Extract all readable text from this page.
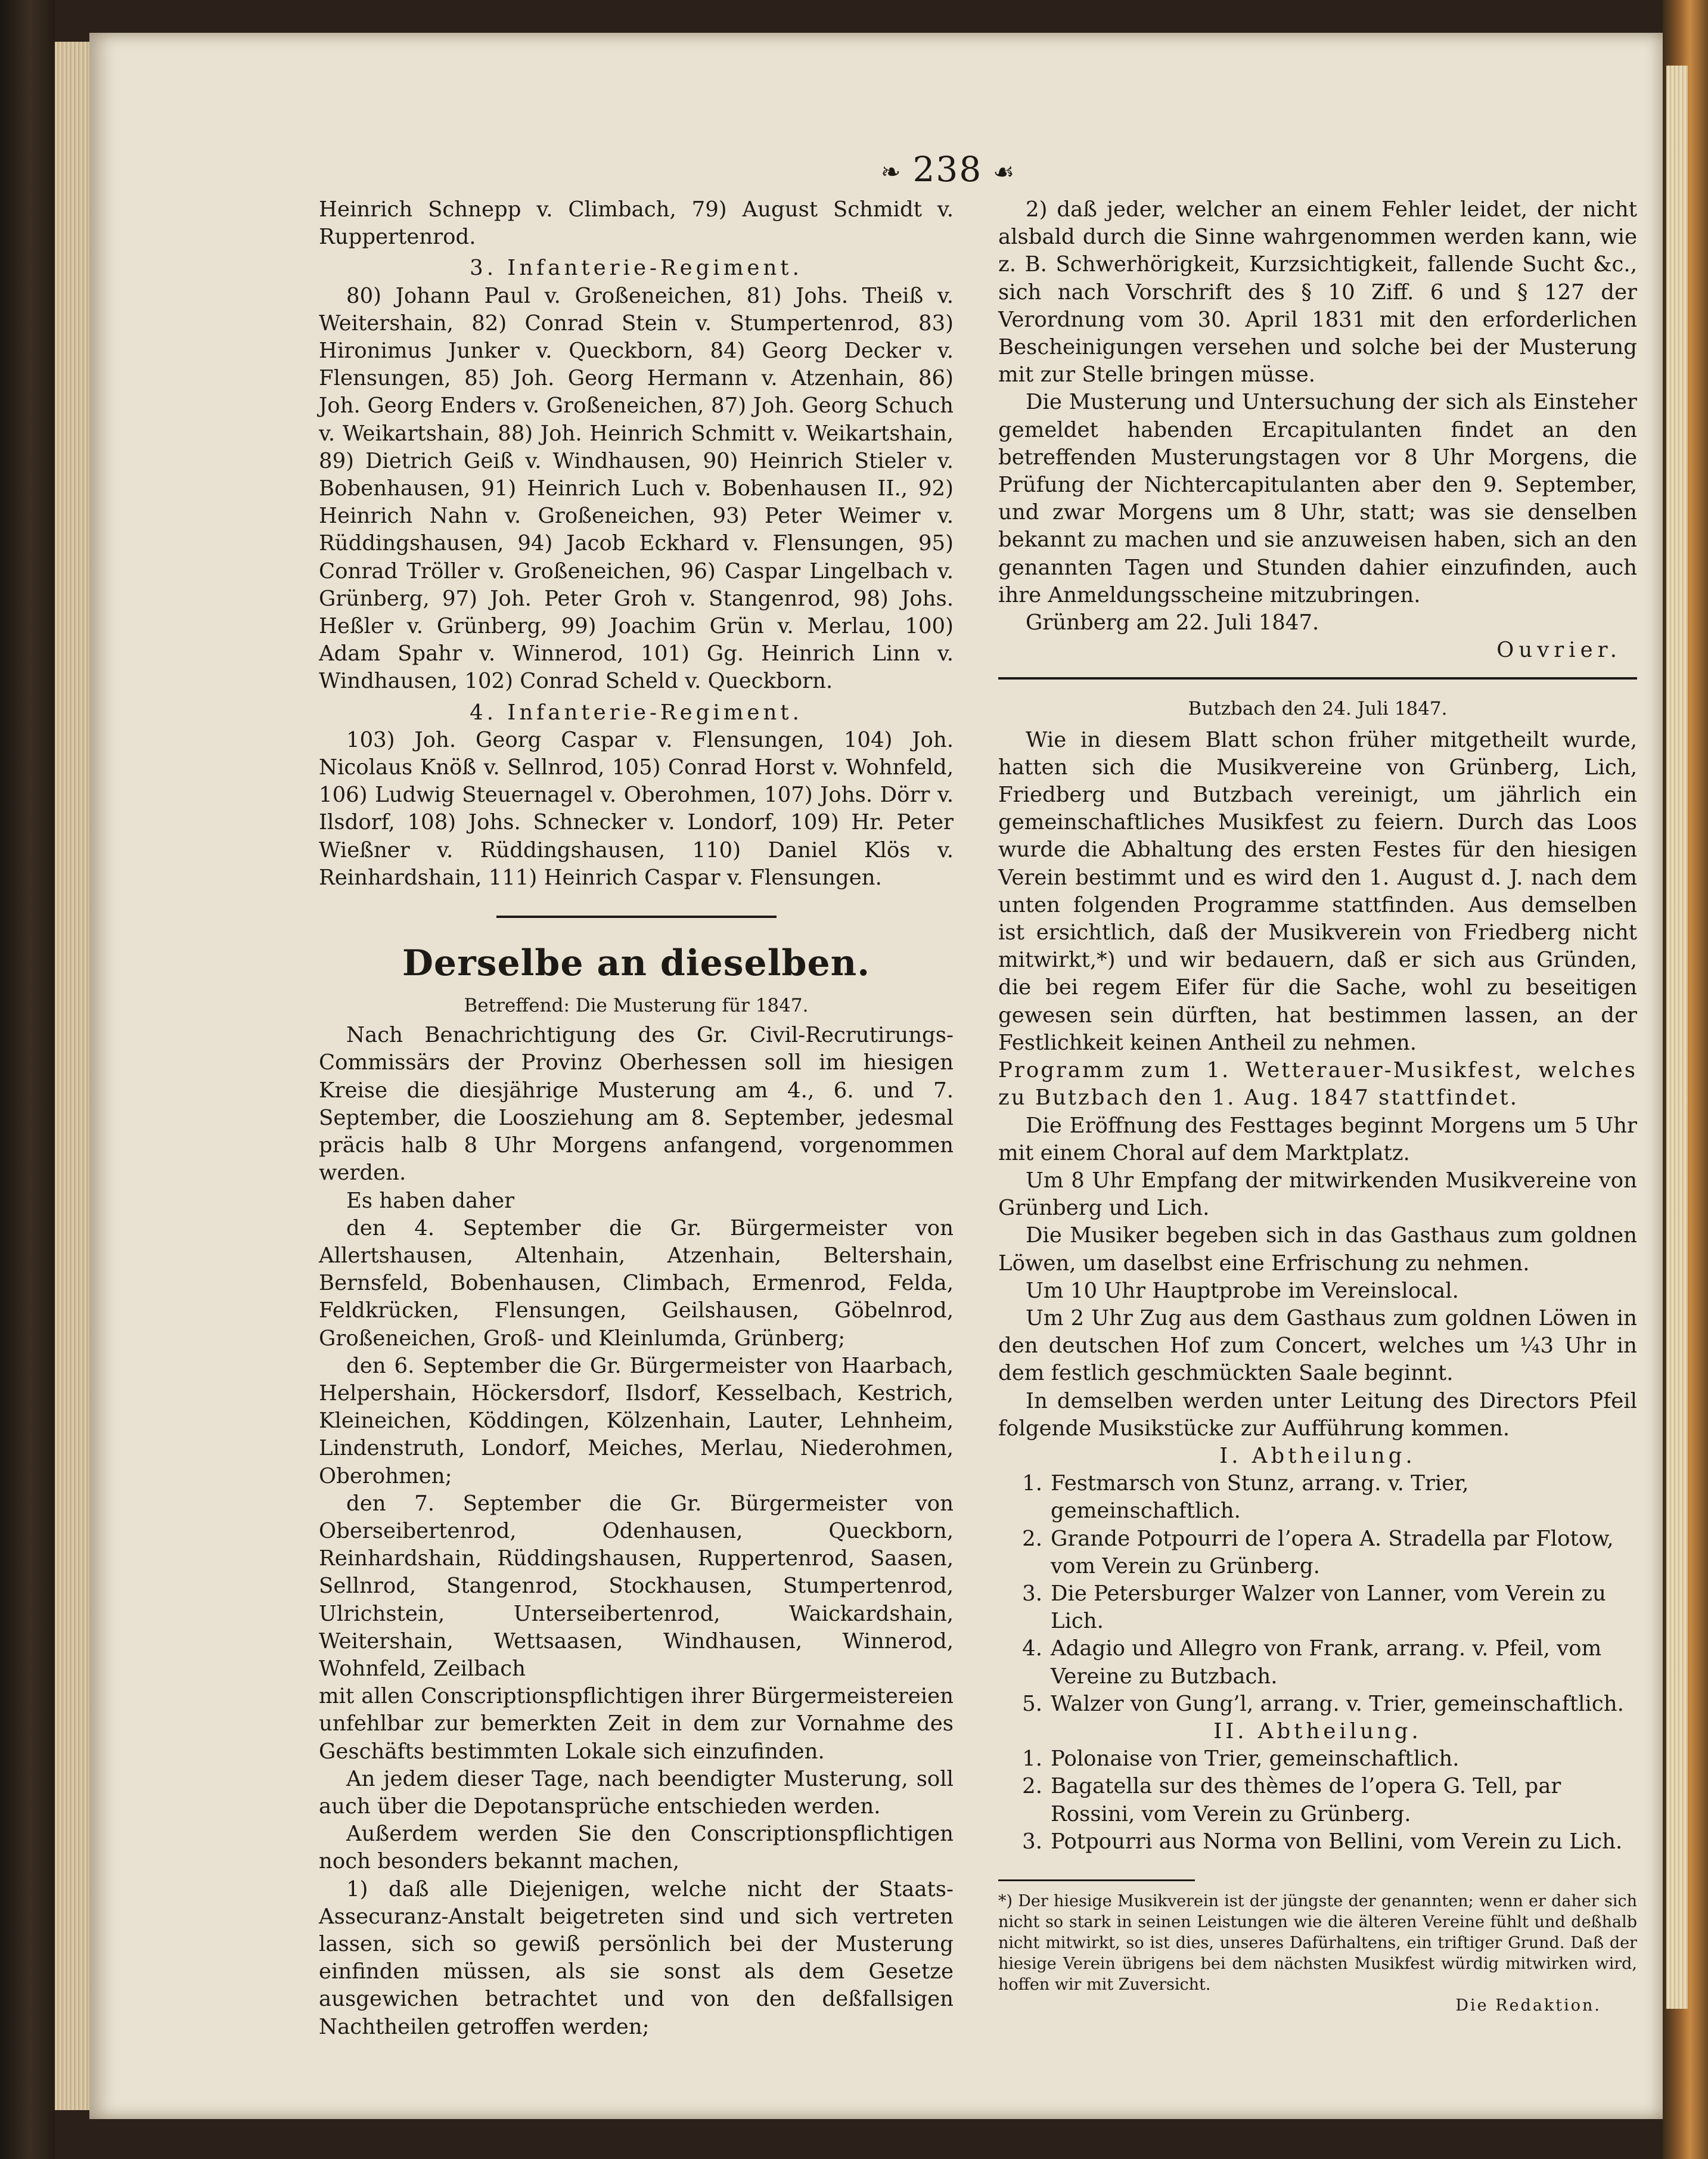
❧ 238 ☙

Heinrich Schnepp v. Climbach, 79) August Schmidt v. Ruppertenrod.

3. Infanterie-Regiment.

80) Johann Paul v. Großeneichen, 81) Johs. Theiß v. Weitershain, 82) Conrad Stein v. Stumpertenrod, 83) Hironimus Junker v. Queckborn, 84) Georg Decker v. Flensungen, 85) Joh. Georg Hermann v. Atzenhain, 86) Joh. Georg Enders v. Großeneichen, 87) Joh. Georg Schuch v. Weikartshain, 88) Joh. Heinrich Schmitt v. Weikartshain, 89) Dietrich Geiß v. Windhausen, 90) Heinrich Stieler v. Bobenhausen, 91) Heinrich Luch v. Bobenhausen II., 92) Heinrich Nahn v. Großeneichen, 93) Peter Weimer v. Rüddingshausen, 94) Jacob Eckhard v. Flensungen, 95) Conrad Tröller v. Großeneichen, 96) Caspar Lingelbach v. Grünberg, 97) Joh. Peter Groh v. Stangenrod, 98) Johs. Heßler v. Grünberg, 99) Joachim Grün v. Merlau, 100) Adam Spahr v. Winnerod, 101) Gg. Heinrich Linn v. Windhausen, 102) Conrad Scheld v. Queckborn.

4. Infanterie-Regiment.

103) Joh. Georg Caspar v. Flensungen, 104) Joh. Nicolaus Knöß v. Sellnrod, 105) Conrad Horst v. Wohnfeld, 106) Ludwig Steuernagel v. Oberohmen, 107) Johs. Dörr v. Ilsdorf, 108) Johs. Schnecker v. Londorf, 109) Hr. Peter Wießner v. Rüddingshausen, 110) Daniel Klös v. Reinhardshain, 111) Heinrich Caspar v. Flensungen.

Derselbe an dieselben.

Betreffend: Die Musterung für 1847.

Nach Benachrichtigung des Gr. Civil-Recrutirungs-Commissärs der Provinz Oberhessen soll im hiesigen Kreise die diesjährige Musterung am 4., 6. und 7. September, die Loosziehung am 8. September, jedesmal präcis halb 8 Uhr Morgens anfangend, vorgenommen werden.

Es haben daher

den 4. September die Gr. Bürgermeister von Allertshausen, Altenhain, Atzenhain, Beltershain, Bernsfeld, Bobenhausen, Climbach, Ermenrod, Felda, Feldkrücken, Flensungen, Geilshausen, Göbelnrod, Großeneichen, Groß- und Kleinlumda, Grünberg;

den 6. September die Gr. Bürgermeister von Haarbach, Helpershain, Höckersdorf, Ilsdorf, Kesselbach, Kestrich, Kleineichen, Köddingen, Kölzenhain, Lauter, Lehnheim, Lindenstruth, Londorf, Meiches, Merlau, Niederohmen, Oberohmen;

den 7. September die Gr. Bürgermeister von Oberseibertenrod, Odenhausen, Queckborn, Reinhardshain, Rüddingshausen, Ruppertenrod, Saasen, Sellnrod, Stangenrod, Stockhausen, Stumpertenrod, Ulrichstein, Unterseibertenrod, Waickardshain, Weitershain, Wettsaasen, Windhausen, Winnerod, Wohnfeld, Zeilbach

mit allen Conscriptionspflichtigen ihrer Bürgermeistereien unfehlbar zur bemerkten Zeit in dem zur Vornahme des Geschäfts bestimmten Lokale sich einzufinden.

An jedem dieser Tage, nach beendigter Musterung, soll auch über die Depotansprüche entschieden werden.

Außerdem werden Sie den Conscriptionspflichtigen noch besonders bekannt machen,

1) daß alle Diejenigen, welche nicht der Staats-Assecuranz-Anstalt beigetreten sind und sich vertreten lassen, sich so gewiß persönlich bei der Musterung einfinden müssen, als sie sonst als dem Gesetze ausgewichen betrachtet und von den deßfallsigen Nachtheilen getroffen werden;

2) daß jeder, welcher an einem Fehler leidet, der nicht alsbald durch die Sinne wahrgenommen werden kann, wie z. B. Schwerhörigkeit, Kurzsichtigkeit, fallende Sucht &c., sich nach Vorschrift des § 10 Ziff. 6 und § 127 der Verordnung vom 30. April 1831 mit den erforderlichen Bescheinigungen versehen und solche bei der Musterung mit zur Stelle bringen müsse.

Die Musterung und Untersuchung der sich als Einsteher gemeldet habenden Ercapitulanten findet an den betreffenden Musterungstagen vor 8 Uhr Morgens, die Prüfung der Nichtercapitulanten aber den 9. September, und zwar Morgens um 8 Uhr, statt; was sie denselben bekannt zu machen und sie anzuweisen haben, sich an den genannten Tagen und Stunden dahier einzufinden, auch ihre Anmeldungsscheine mitzubringen.

Grünberg am 22. Juli 1847.

Ouvrier.

Butzbach den 24. Juli 1847.

Wie in diesem Blatt schon früher mitgetheilt wurde, hatten sich die Musikvereine von Grünberg, Lich, Friedberg und Butzbach vereinigt, um jährlich ein gemeinschaftliches Musikfest zu feiern. Durch das Loos wurde die Abhaltung des ersten Festes für den hiesigen Verein bestimmt und es wird den 1. August d. J. nach dem unten folgenden Programme stattfinden. Aus demselben ist ersichtlich, daß der Musikverein von Friedberg nicht mitwirkt,*) und wir bedauern, daß er sich aus Gründen, die bei regem Eifer für die Sache, wohl zu beseitigen gewesen sein dürften, hat bestimmen lassen, an der Festlichkeit keinen Antheil zu nehmen.

Programm zum 1. Wetterauer-Musikfest, welches zu Butzbach den 1. Aug. 1847 stattfindet.

Die Eröffnung des Festtages beginnt Morgens um 5 Uhr mit einem Choral auf dem Marktplatz.

Um 8 Uhr Empfang der mitwirkenden Musikvereine von Grünberg und Lich.

Die Musiker begeben sich in das Gasthaus zum goldnen Löwen, um daselbst eine Erfrischung zu nehmen.

Um 10 Uhr Hauptprobe im Vereinslocal.

Um 2 Uhr Zug aus dem Gasthaus zum goldnen Löwen in den deutschen Hof zum Concert, welches um ¼3 Uhr in dem festlich geschmückten Saale beginnt.

In demselben werden unter Leitung des Directors Pfeil folgende Musikstücke zur Aufführung kommen.

I. Abtheilung.

1. Festmarsch von Stunz, arrang. v. Trier, gemeinschaftlich.

2. Grande Potpourri de l’opera A. Stradella par Flotow, vom Verein zu Grünberg.

3. Die Petersburger Walzer von Lanner, vom Verein zu Lich.

4. Adagio und Allegro von Frank, arrang. v. Pfeil, vom Vereine zu Butzbach.

5. Walzer von Gung’l, arrang. v. Trier, gemeinschaftlich.

II. Abtheilung.

1. Polonaise von Trier, gemeinschaftlich.

2. Bagatella sur des thèmes de l’opera G. Tell, par Rossini, vom Verein zu Grünberg.

3. Potpourri aus Norma von Bellini, vom Verein zu Lich.

*) Der hiesige Musikverein ist der jüngste der genannten; wenn er daher sich nicht so stark in seinen Leistungen wie die älteren Vereine fühlt und deßhalb nicht mitwirkt, so ist dies, unseres Dafürhaltens, ein triftiger Grund. Daß der hiesige Verein übrigens bei dem nächsten Musikfest würdig mitwirken wird, hoffen wir mit Zuversicht.

Die Redaktion.
